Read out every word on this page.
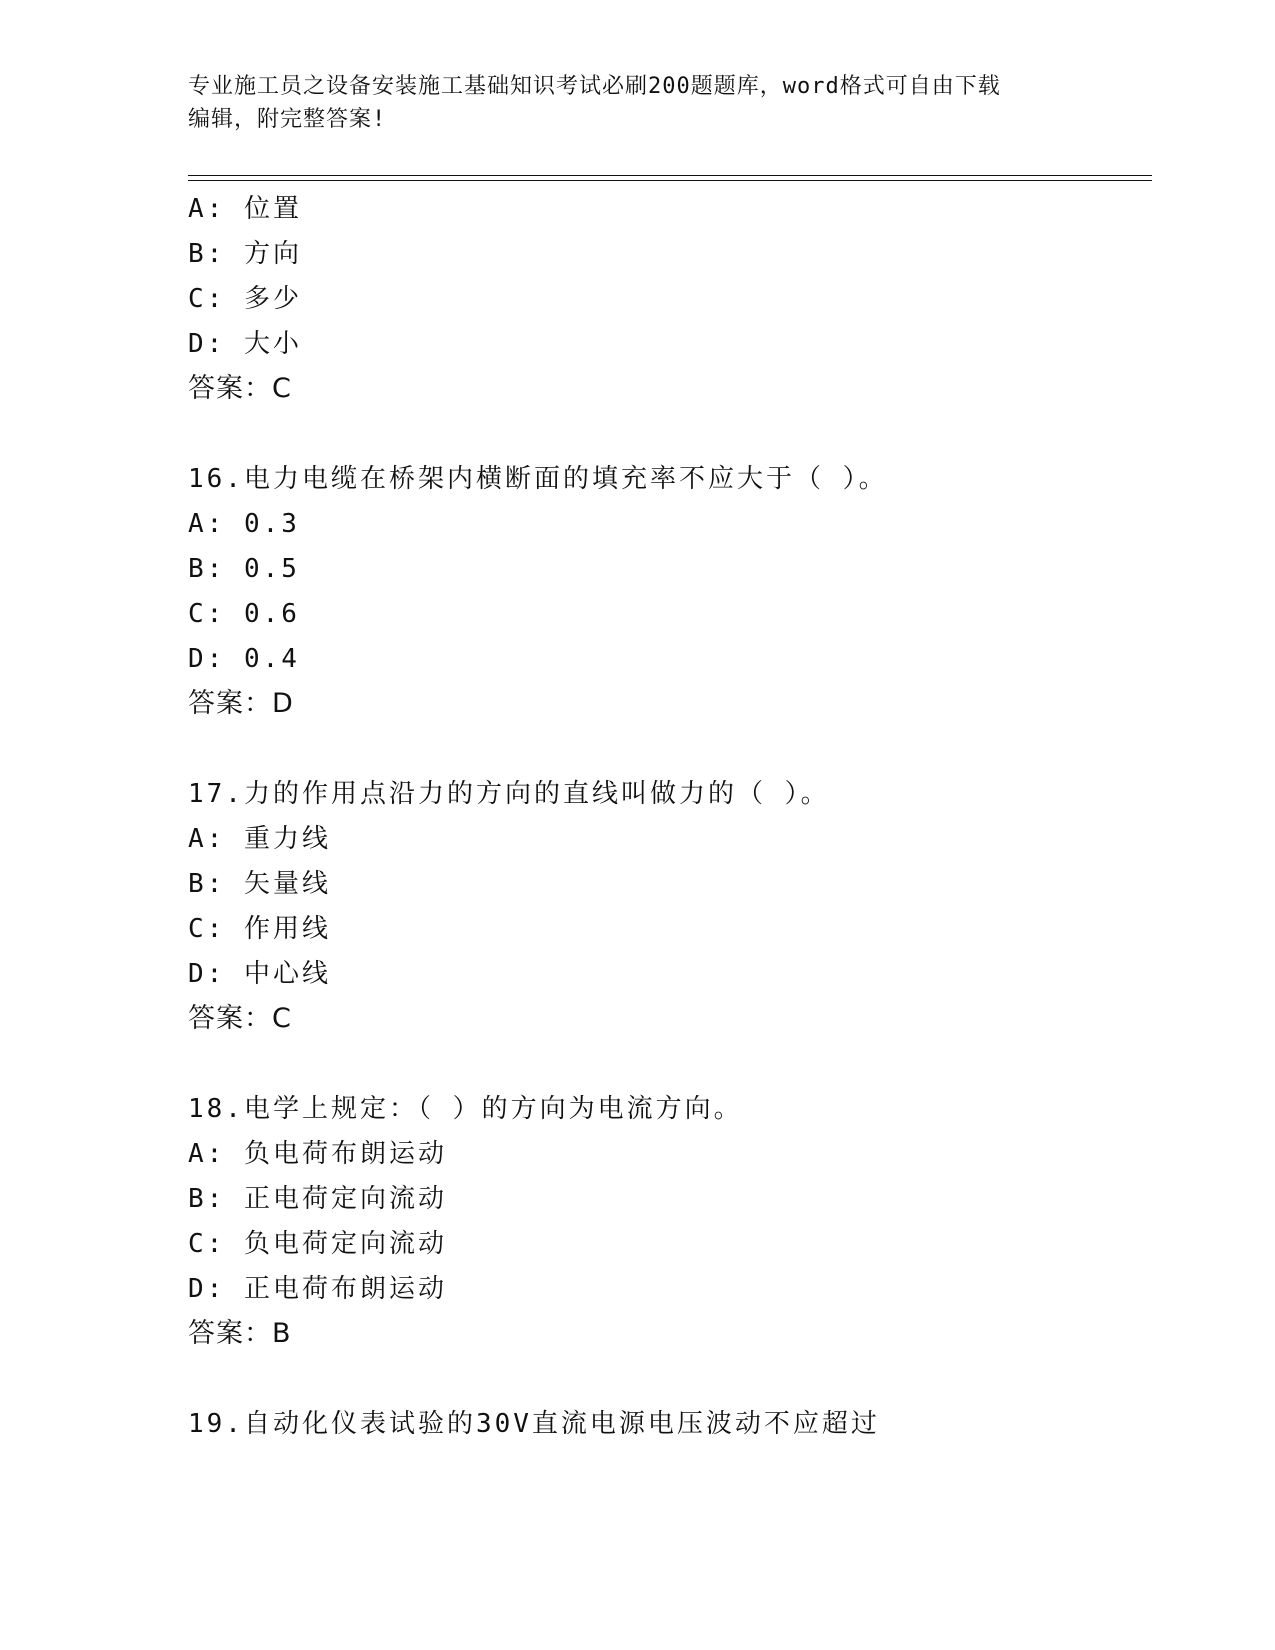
专业施工员之设备安装施工基础知识考试必刷200题题库，word格式可自由下载
编辑，附完整答案!
A: 位置
B: 方向
C: 多少
D: 大小
答案：C
16.电力电缆在桥架内横断面的填充率不应大于（ ）。
A: 0.3
B: 0.5
C: 0.6
D: 0.4
答案：D
17.力的作用点沿力的方向的直线叫做力的（ ）。
A: 重力线
B: 矢量线
C: 作用线
D: 中心线
答案：C
18.电学上规定：（ ）的方向为电流方向。
A: 负电荷布朗运动
B: 正电荷定向流动
C: 负电荷定向流动
D: 正电荷布朗运动
答案：B
19.自动化仪表试验的30V直流电源电压波动不应超过
